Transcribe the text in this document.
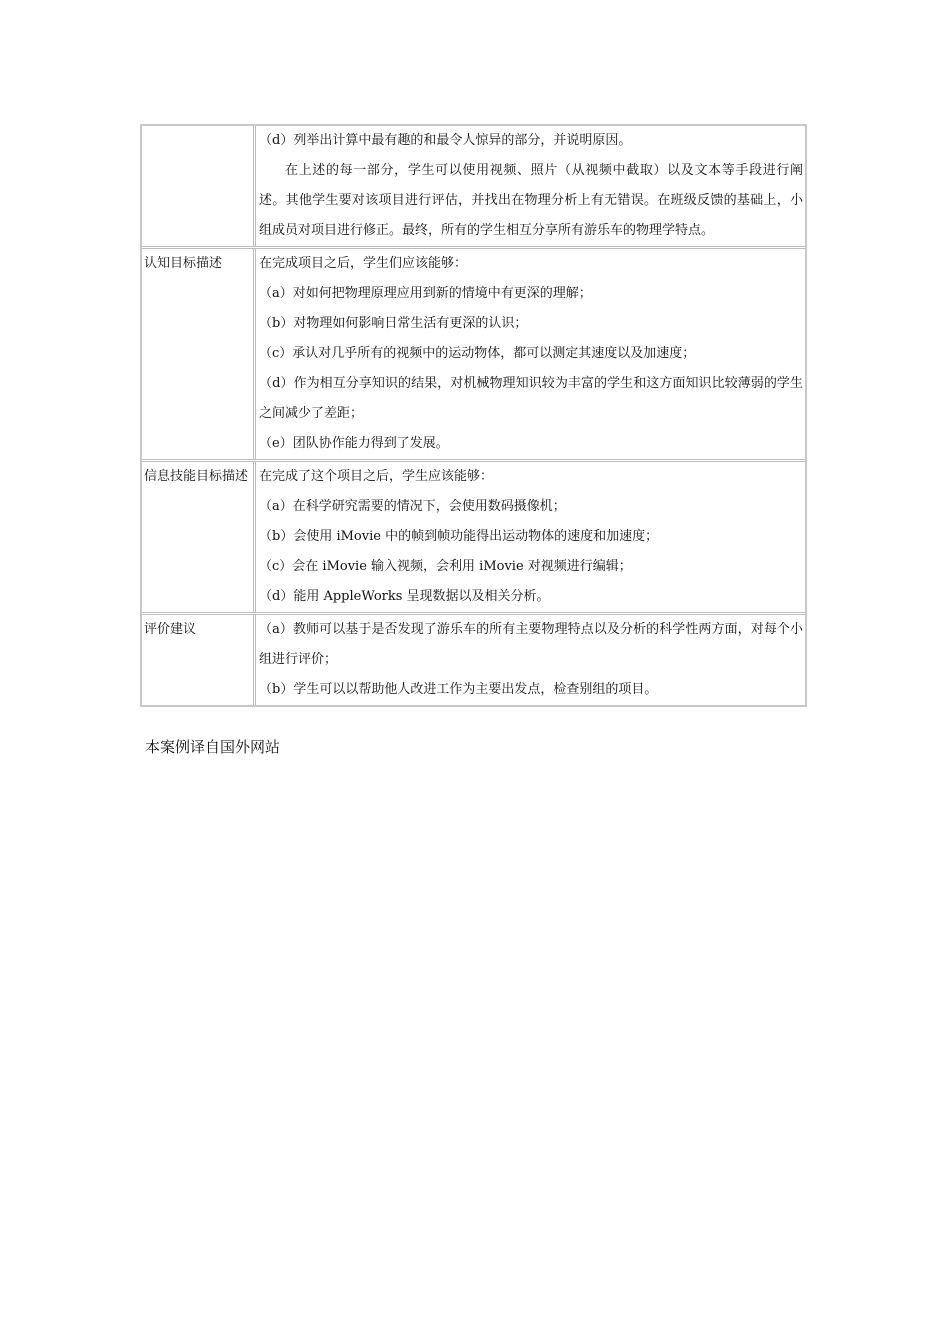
（d）列举出计算中最有趣的和最令人惊异的部分，并说明原因。

在上述的每一部分，学生可以使用视频、照片（从视频中截取）以及文本等手段进行阐述。其他学生要对该项目进行评估，并找出在物理分析上有无错误。在班级反馈的基础上，小组成员对项目进行修正。最终，所有的学生相互分享所有游乐车的物理学特点。

认知目标描述	在完成项目之后，学生们应该能够：

（a）对如何把物理原理应用到新的情境中有更深的理解；

（b）对物理如何影响日常生活有更深的认识；

（c）承认对几乎所有的视频中的运动物体，都可以测定其速度以及加速度；

（d）作为相互分享知识的结果，对机械物理知识较为丰富的学生和这方面知识比较薄弱的学生之间减少了差距；

（e）团队协作能力得到了发展。

信息技能目标描述 在完成了这个项目之后，学生应该能够：

（a）在科学研究需要的情况下，会使用数码摄像机；

（b）会使用 iMovie 中的帧到帧功能得出运动物体的速度和加速度；

（c）会在 iMovie 输入视频，会利用 iMovie 对视频进行编辑；

（d）能用 AppleWorks 呈现数据以及相关分析。

评价建议	（a）教师可以基于是否发现了游乐车的所有主要物理特点以及分析的科学性两方面，对每个小组进行评价；

（b）学生可以以帮助他人改进工作为主要出发点，检查别组的项目。

本案例译自国外网站
